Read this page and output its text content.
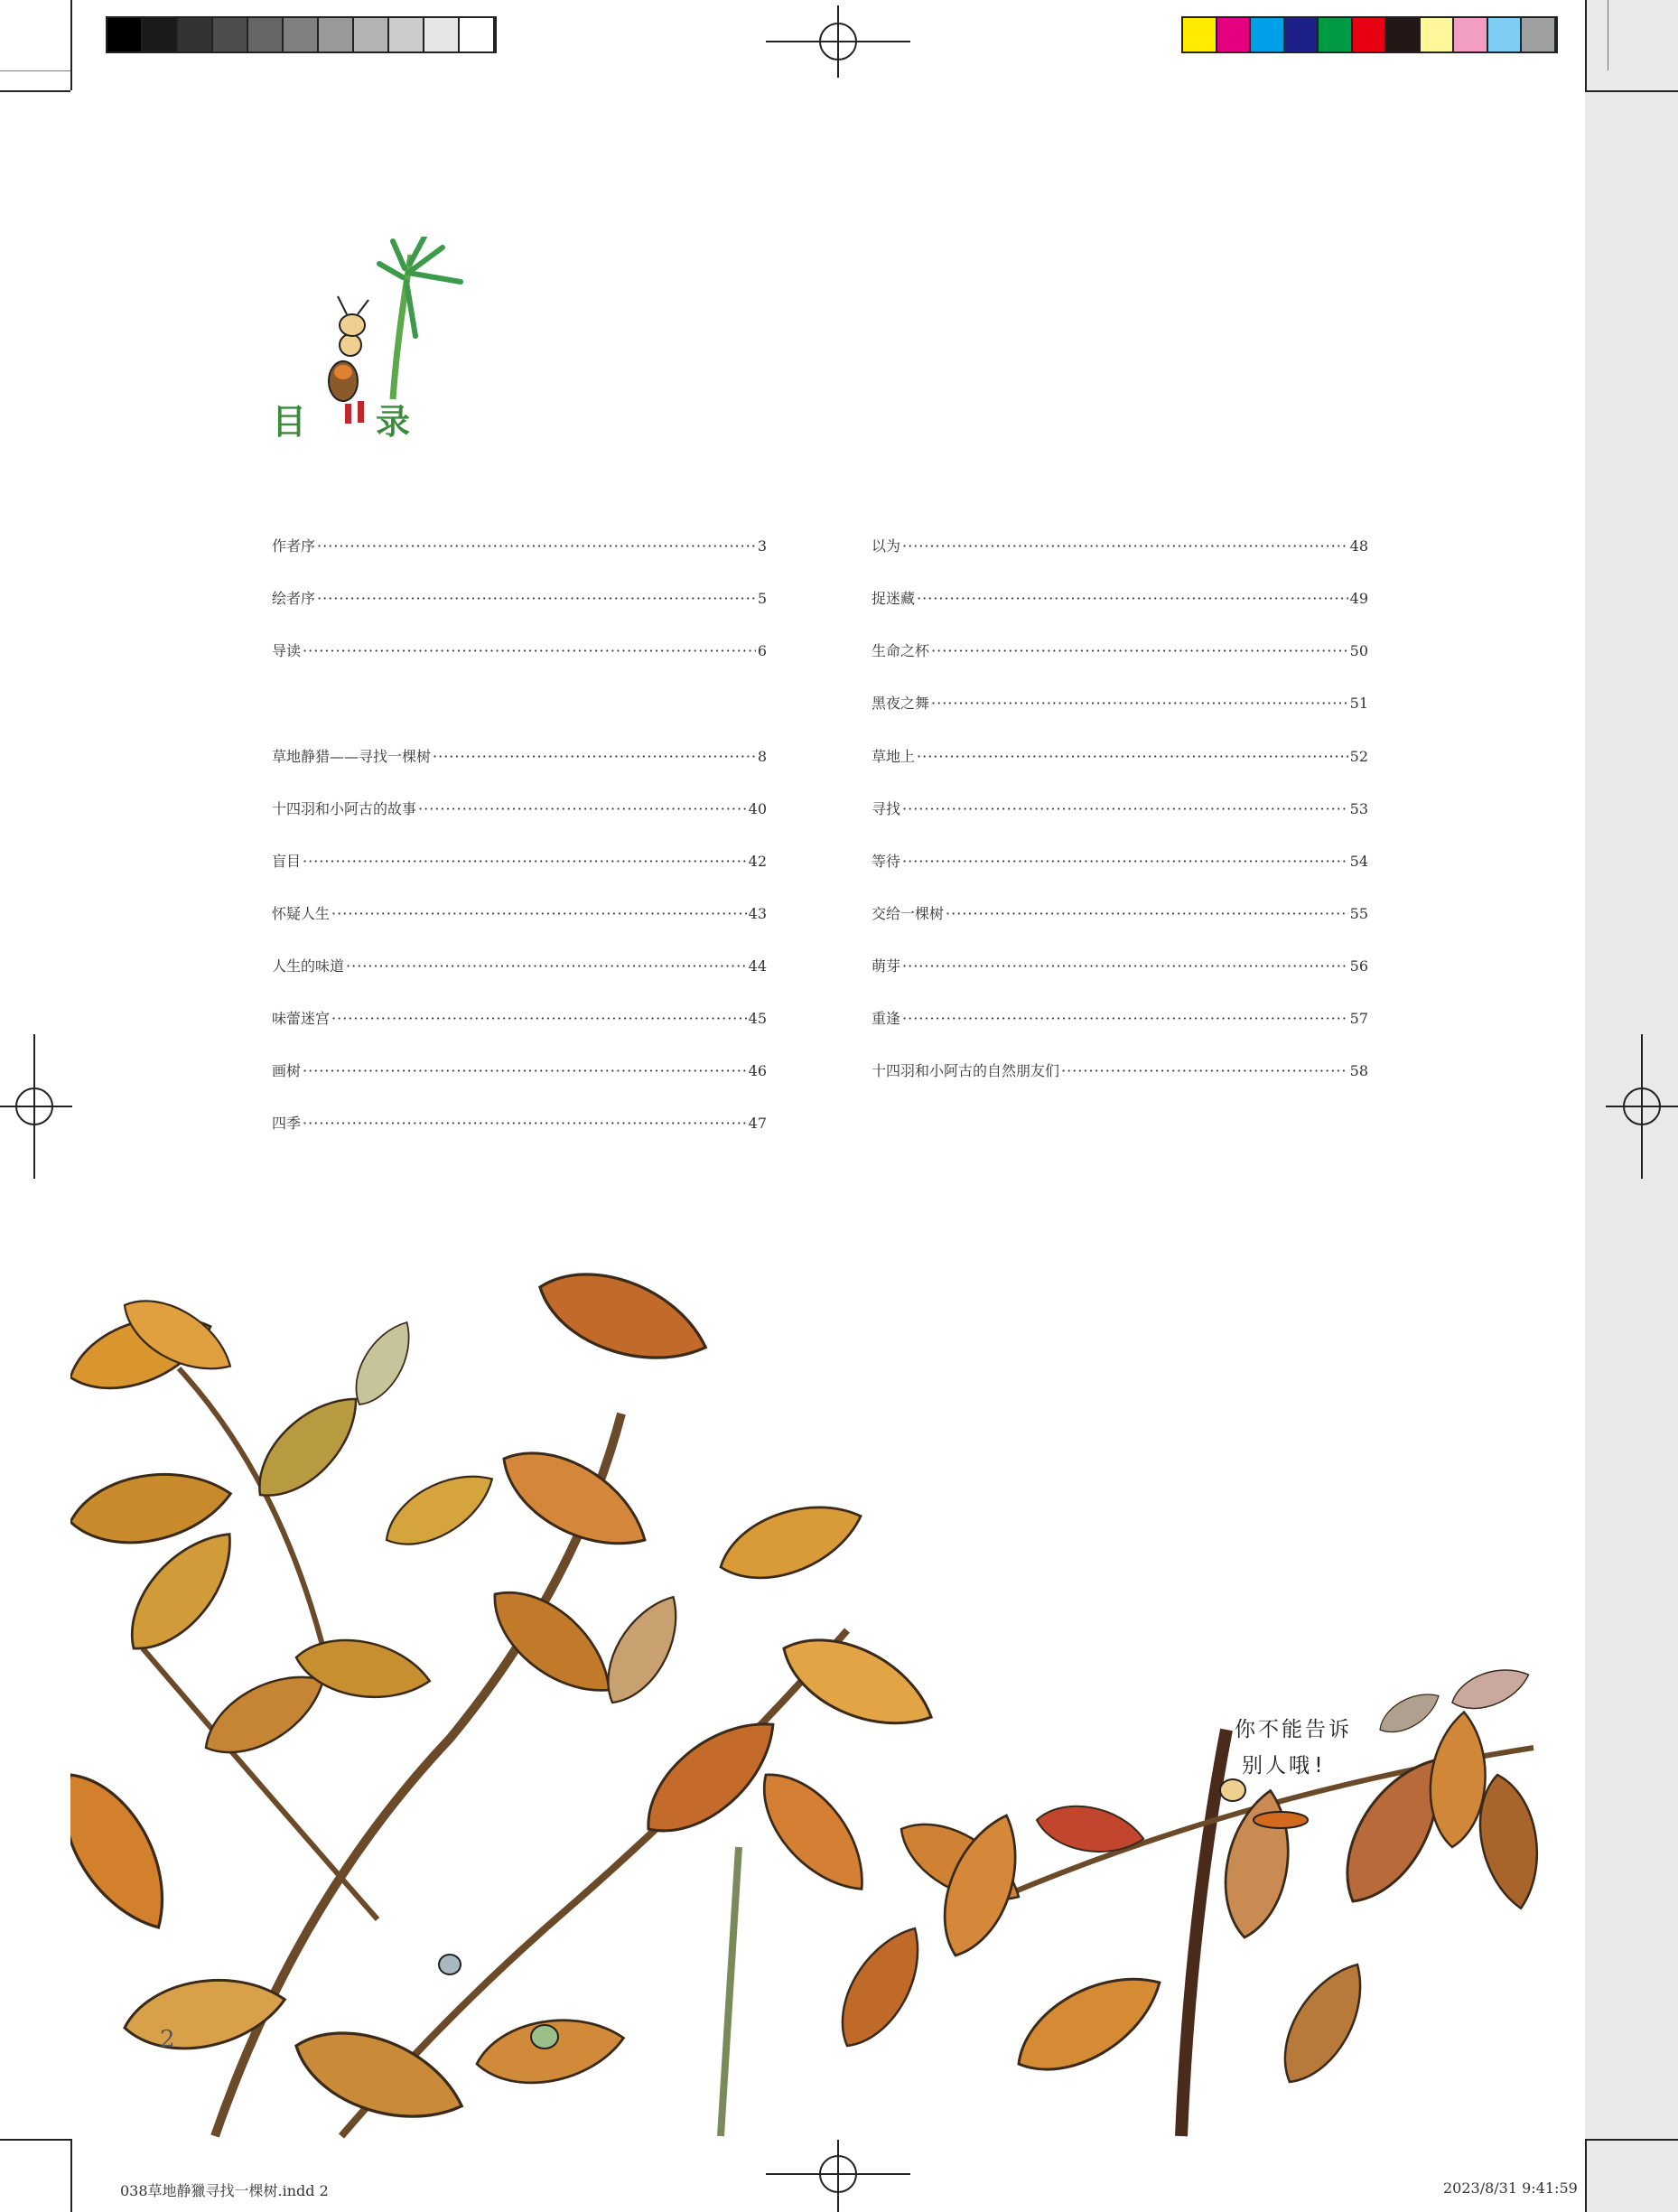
目 录
作者序 ·····	3
绘者序 ·····	5
导读 ·····	6
草地静猎——寻找一棵树 ·····	8
十四羽和小阿古的故事 ·····	40
盲目 ·····	42
怀疑人生 ·····	43
人生的味道 ·····	44
味蕾迷宫 ·····	45
画树 ·····	46
四季 ·····	47
以为 ·····	48
捉迷藏 ·····	49
生命之杯 ·····	50
黑夜之舞 ·····	51
草地上 ·····	52
寻找 ·····	53
等待 ·····	54
交给一棵树 ·····	55
萌芽 ·····	56
重逢 ·····	57
十四羽和小阿古的自然朋友们 ·····	58
你不能告诉
别人哦!
2
038草地静獵寻找一棵树.indd 2	2023/8/31 9:41:59
